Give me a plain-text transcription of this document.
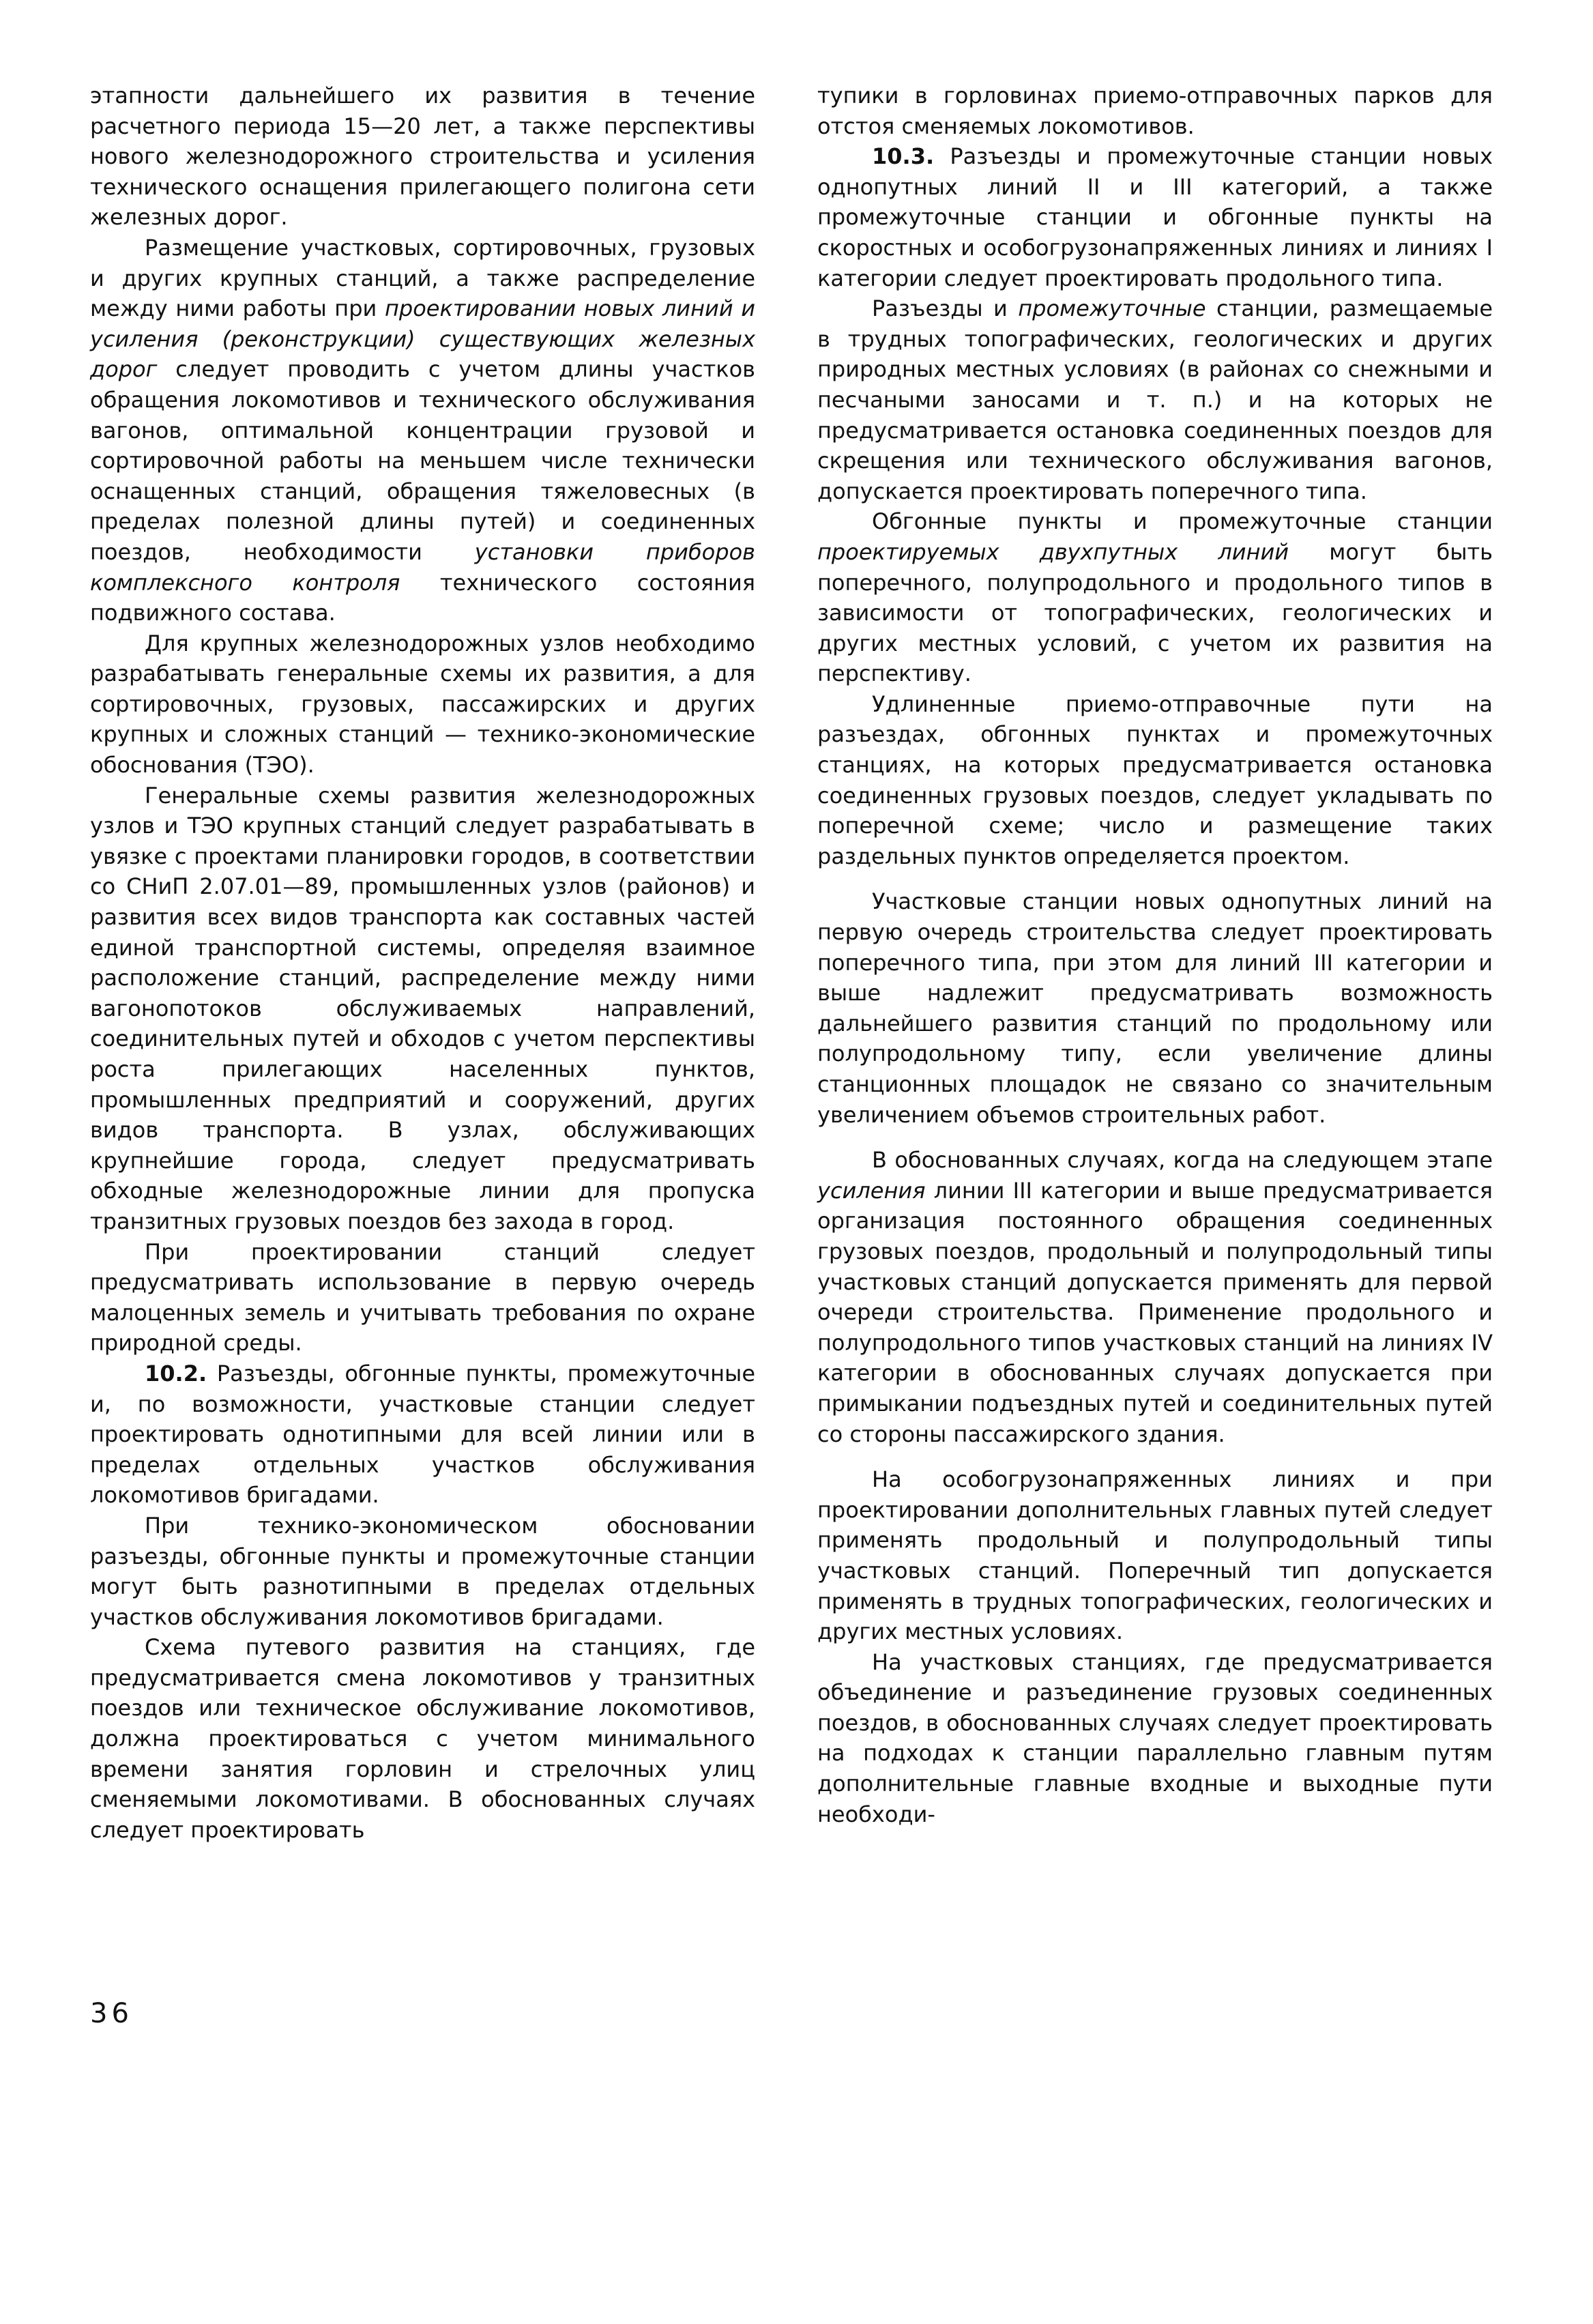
этапности дальнейшего их развития в течение расчетного периода 15—20 лет, а также перспективы нового железнодорожного строительства и усиления технического оснащения прилегающего полигона сети железных дорог.

Размещение участковых, сортировочных, грузовых и других крупных станций, а также распределение между ними работы при проектировании новых линий и усиления (реконструкции) существующих железных дорог следует проводить с учетом длины участков обращения локомотивов и технического обслуживания вагонов, оптимальной концентрации грузовой и сортировочной работы на меньшем числе технически оснащенных станций, обращения тяжеловесных (в пределах полезной длины путей) и соединенных поездов, необходимости установки приборов комплексного контроля технического состояния подвижного состава.

Для крупных железнодорожных узлов необходимо разрабатывать генеральные схемы их развития, а для сортировочных, грузовых, пассажирских и других крупных и сложных станций — технико-экономические обоснования (ТЭО).

Генеральные схемы развития железнодорожных узлов и ТЭО крупных станций следует разрабатывать в увязке с проектами планировки городов, в соответствии со СНиП 2.07.01—89, промышленных узлов (районов) и развития всех видов транспорта как составных частей единой транспортной системы, определяя взаимное расположение станций, распределение между ними вагонопотоков обслуживаемых направлений, соединительных путей и обходов с учетом перспективы роста прилегающих населенных пунктов, промышленных предприятий и сооружений, других видов транспорта. В узлах, обслуживающих крупнейшие города, следует предусматривать обходные железнодорожные линии для пропуска транзитных грузовых поездов без захода в город.

При проектировании станций следует предусматривать использование в первую очередь малоценных земель и учитывать требования по охране природной среды.

10.2. Разъезды, обгонные пункты, промежуточные и, по возможности, участковые станции следует проектировать однотипными для всей линии или в пределах отдельных участков обслуживания локомотивов бригадами.

При технико-экономическом обосновании разъезды, обгонные пункты и промежуточные станции могут быть разнотипными в пределах отдельных участков обслуживания локомотивов бригадами.

Схема путевого развития на станциях, где предусматривается смена локомотивов у транзитных поездов или техническое обслуживание локомотивов, должна проектироваться с учетом минимального времени занятия горловин и стрелочных улиц сменяемыми локомотивами. В обоснованных случаях следует проектировать

тупики в горловинах приемо-отправочных парков для отстоя сменяемых локомотивов.

10.3. Разъезды и промежуточные станции новых однопутных линий II и III категорий, а также промежуточные станции и обгонные пункты на скоростных и особогрузонапряженных линиях и линиях I категории следует проектировать продольного типа.

Разъезды и промежуточные станции, размещаемые в трудных топографических, геологических и других природных местных условиях (в районах со снежными и песчаными заносами и т. п.) и на которых не предусматривается остановка соединенных поездов для скрещения или технического обслуживания вагонов, допускается проектировать поперечного типа.

Обгонные пункты и промежуточные станции проектируемых двухпутных линий могут быть поперечного, полупродольного и продольного типов в зависимости от топографических, геологических и других местных условий, с учетом их развития на перспективу.

Удлиненные приемо-отправочные пути на разъездах, обгонных пунктах и промежуточных станциях, на которых предусматривается остановка соединенных грузовых поездов, следует укладывать по поперечной схеме; число и размещение таких раздельных пунктов определяется проектом.

Участковые станции новых однопутных линий на первую очередь строительства следует проектировать поперечного типа, при этом для линий III категории и выше надлежит предусматривать возможность дальнейшего развития станций по продольному или полупродольному типу, если увеличение длины станционных площадок не связано со значительным увеличением объемов строительных работ.

В обоснованных случаях, когда на следующем этапе усиления линии III категории и выше предусматривается организация постоянного обращения соединенных грузовых поездов, продольный и полупродольный типы участковых станций допускается применять для первой очереди строительства. Применение продольного и полупродольного типов участковых станций на линиях IV категории в обоснованных случаях допускается при примыкании подъездных путей и соединительных путей со стороны пассажирского здания.

На особогрузонапряженных линиях и при проектировании дополнительных главных путей следует применять продольный и полупродольный типы участковых станций. Поперечный тип допускается применять в трудных топографических, геологических и других местных условиях.

На участковых станциях, где предусматривается объединение и разъединение грузовых соединенных поездов, в обоснованных случаях следует проектировать на подходах к станции параллельно главным путям дополнительные главные входные и выходные пути необходи-

36
